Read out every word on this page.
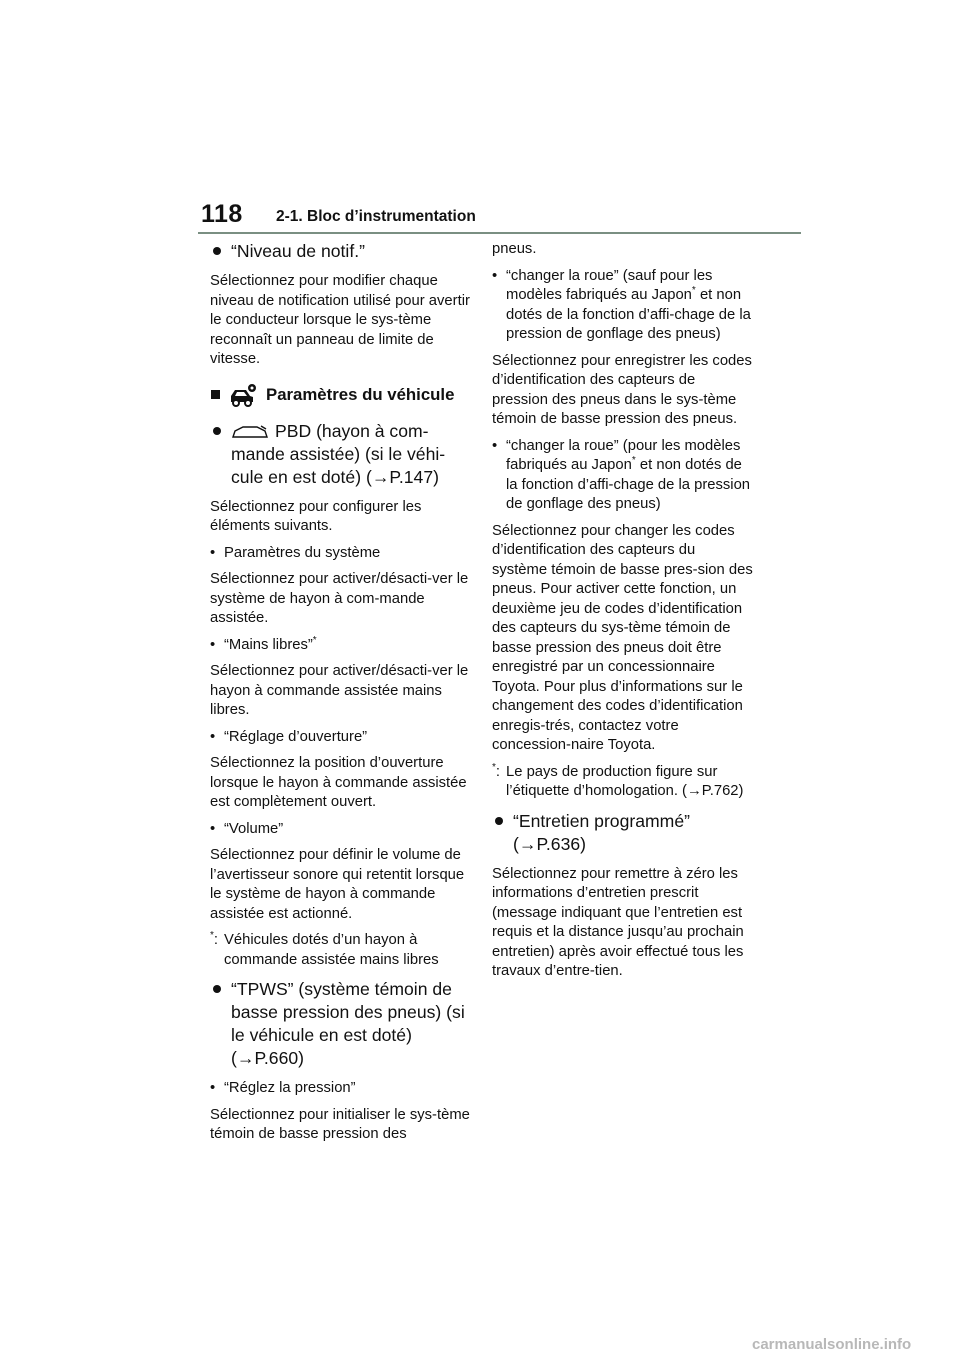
118 2-1. Bloc d’instrumentation
“Niveau de notif.”

Sélectionnez pour modifier chaque niveau de notification utilisé pour avertir le conducteur lorsque le sys-tème reconnaît un panneau de limite de vitesse.

Paramètres du véhicule
PBD (hayon à com-mande assistée) (si le véhi-cule en est doté) (→P.147)

Sélectionnez pour configurer les éléments suivants.

• Paramètres du système

Sélectionnez pour activer/désacti-ver le système de hayon à com-mande assistée.

• “Mains libres”*

Sélectionnez pour activer/désacti-ver le hayon à commande assistée mains libres.

• “Réglage d’ouverture”

Sélectionnez la position d’ouverture lorsque le hayon à commande assistée est complètement ouvert.

• “Volume”

Sélectionnez pour définir le volume de l’avertisseur sonore qui retentit lorsque le système de hayon à commande assistée est actionné.

*: Véhicules dotés d’un hayon à commande assistée mains libres
“TPWS” (système témoin de basse pression des pneus) (si le véhicule en est doté) (→P.660)
• “Réglez la pression”

Sélectionnez pour initialiser le sys-tème témoin de basse pression des

pneus.

• “changer la roue” (sauf pour les modèles fabriqués au Japon* et non dotés de la fonction d’affi-chage de la pression de gonflage des pneus)

Sélectionnez pour enregistrer les codes d’identification des capteurs de pression des pneus dans le sys-tème témoin de basse pression des pneus.

• “changer la roue” (pour les modèles fabriqués au Japon* et non dotés de la fonction d’affi-chage de la pression de gonflage des pneus)

Sélectionnez pour changer les codes d’identification des capteurs du système témoin de basse pres-sion des pneus. Pour activer cette fonction, un deuxième jeu de codes d’identification des capteurs du sys-tème témoin de basse pression des pneus doit être enregistré par un concessionnaire Toyota. Pour plus d’informations sur le changement des codes d’identification enregis-trés, contactez votre concession-naire Toyota.

*: Le pays de production figure sur l’étiquette d’homologation. (→P.762)
“Entretien programmé” (→P.636)

Sélectionnez pour remettre à zéro les informations d’entretien prescrit (message indiquant que l’entretien est requis et la distance jusqu’au prochain entretien) après avoir effectué tous les travaux d’entre-tien.

carmanualsonline.info
